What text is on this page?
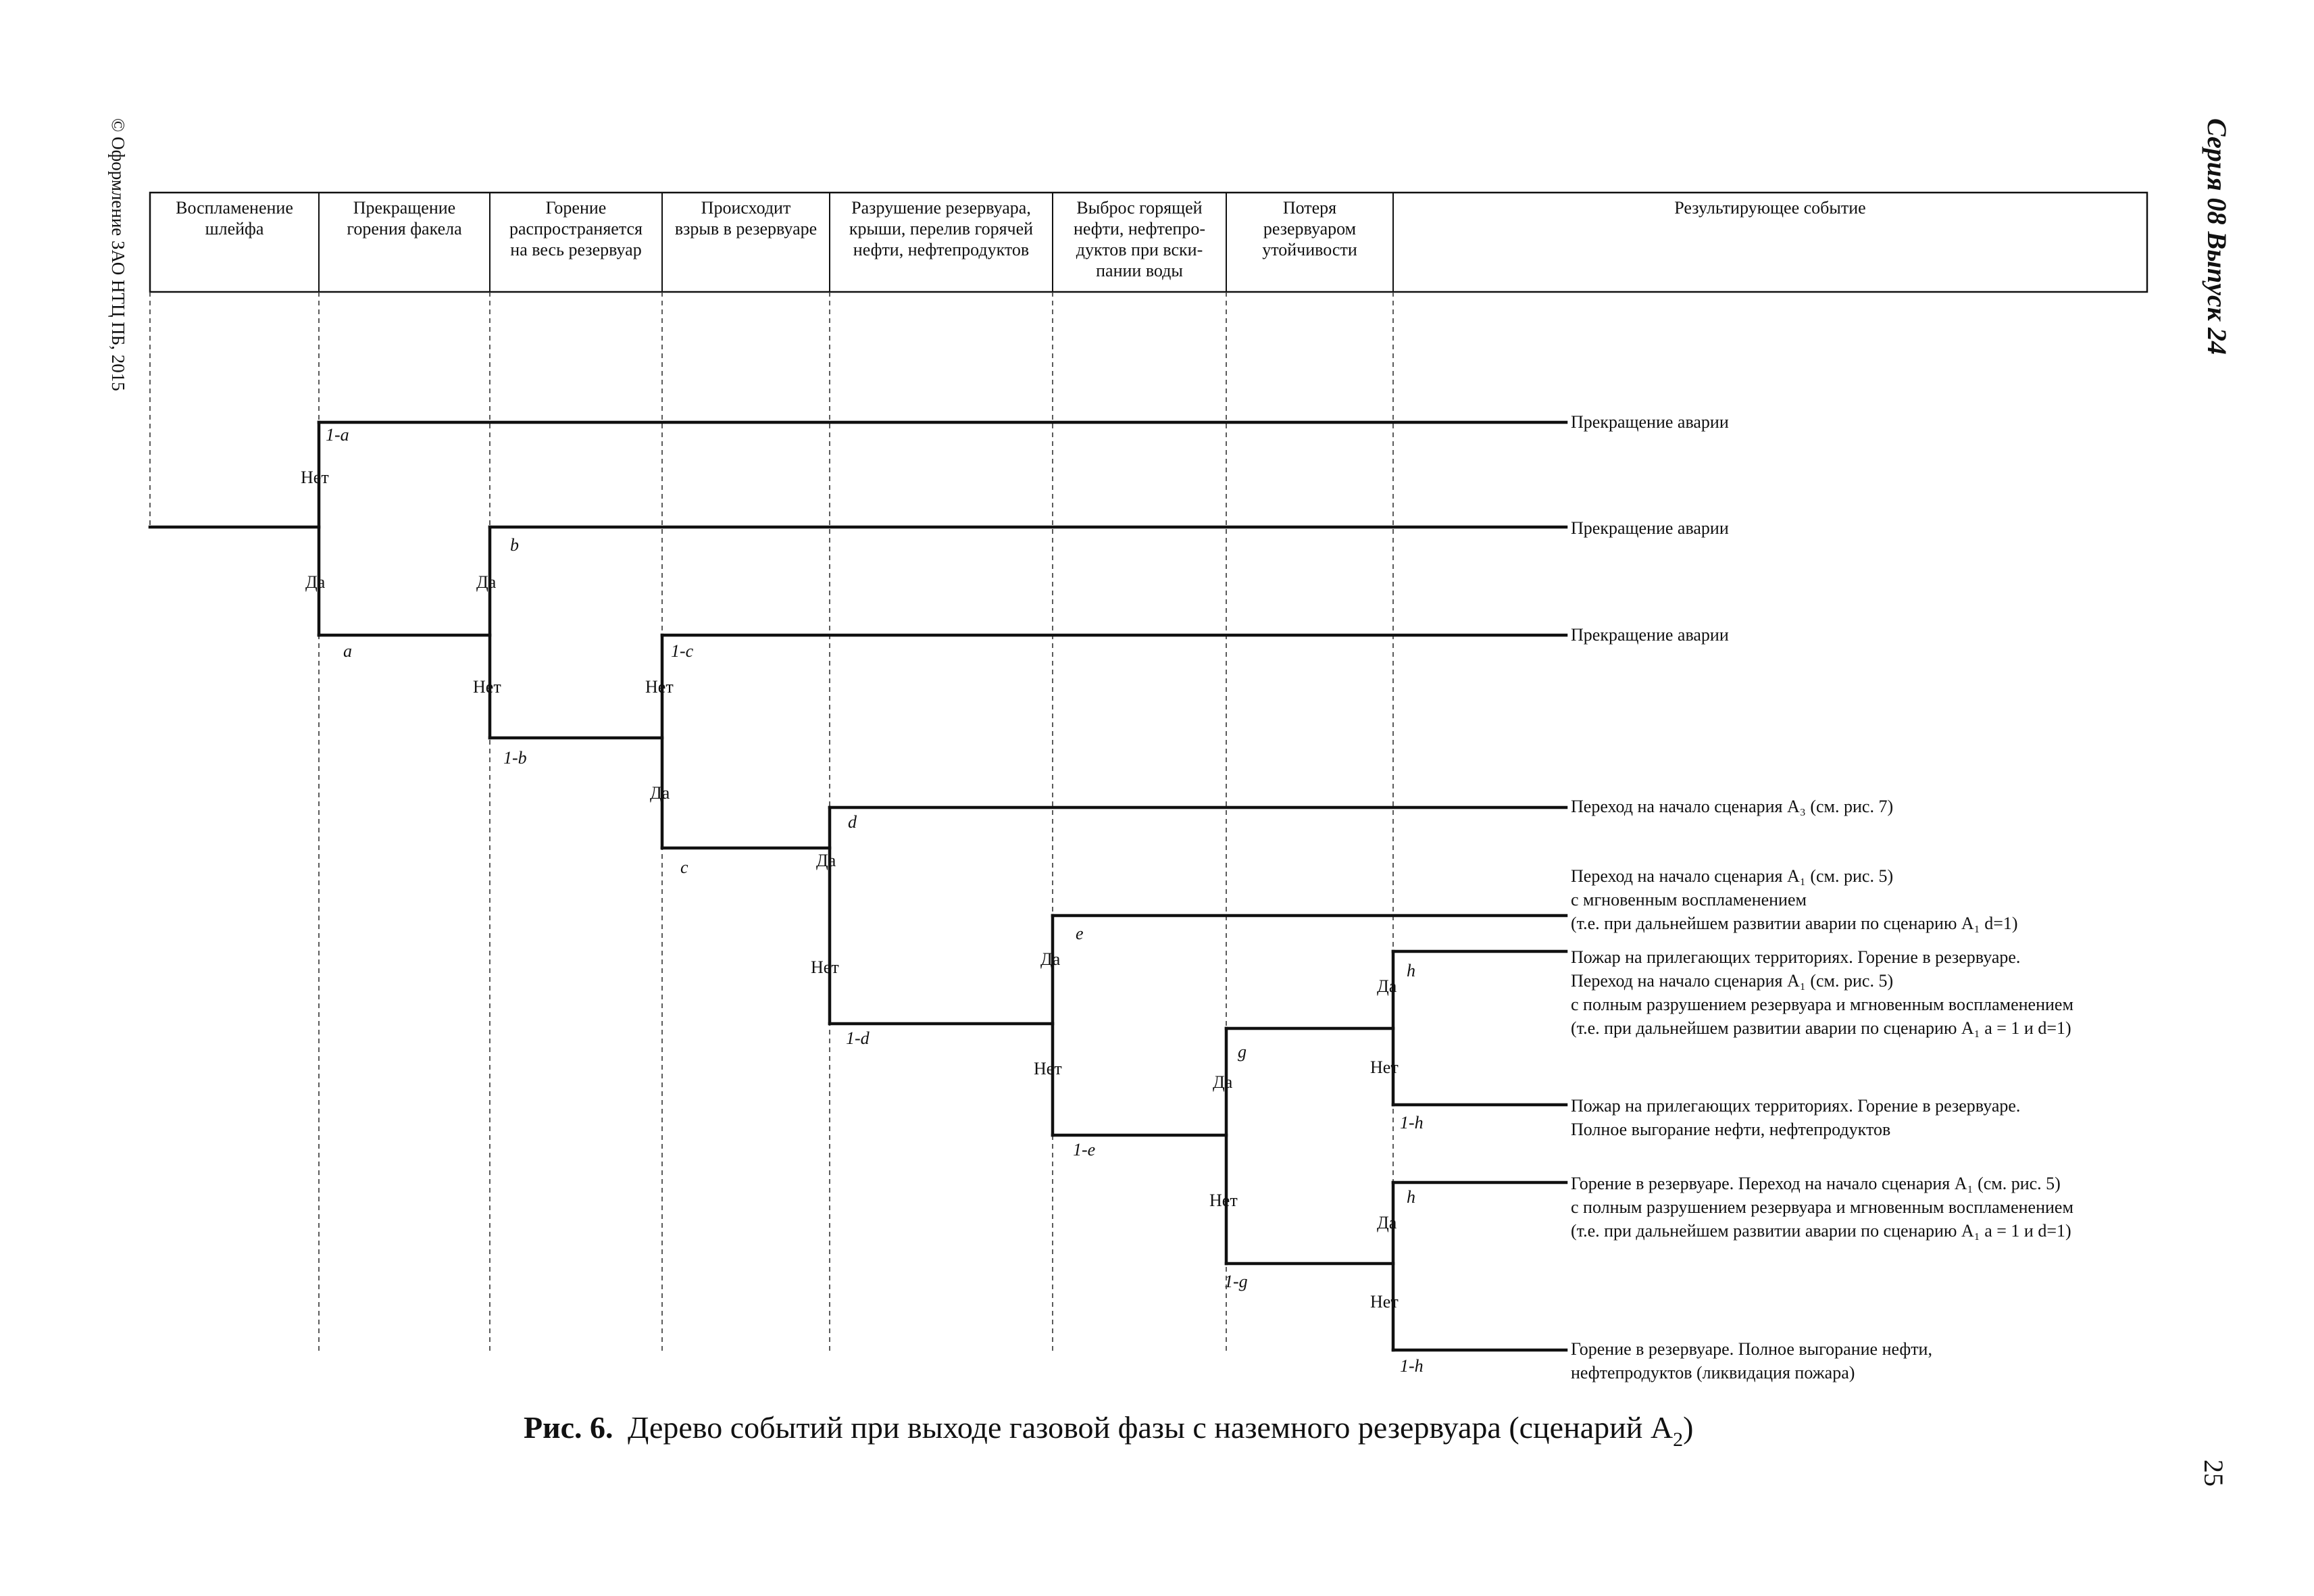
© Оформление ЗАО НТЦ ПБ, 2015	Серия 08 Выпуск 24
25
Воспламенение шлейфа
Прекращение горения факела
Горение распространяется на весь резервуар
Происходит взрыв в резервуаре
Разрушение резервуара, крыши, перелив горячей нефти, нефтепродуктов
Выброс горящей нефти, нефтепро-дуктов при вски-пании воды
Потеря резервуаром утойчивости
Результирующее событие
1-a
Нет
Да
a
b
Да
Нет
1-b
1-c
Нет
Да
c
d
Да
Нет
1-d
e
Да
Нет
1-e
g
Да
Нет
1-g
h
Да
Нет
1-h
h
Да
Нет
1-h
Прекращение аварии
Прекращение аварии
Прекращение аварии
Переход на начало сценария A₃ (см. рис. 7)
Переход на начало сценария A₁ (см. рис. 5)
с мгновенным воспламенением
(т.е. при дальнейшем развитии аварии по сценарию A₁ d=1)
Пожар на прилегающих территориях. Горение в резервуаре.
Переход на начало сценария A₁ (см. рис. 5)
с полным разрушением резервуара и мгновенным воспламенением
(т.е. при дальнейшем развитии аварии по сценарию A₁ a = 1 и d=1)
Пожар на прилегающих территориях. Горение в резервуаре.
Полное выгорание нефти, нефтепродуктов
Горение в резервуаре. Переход на начало сценария A₁ (см. рис. 5)
с полным разрушением резервуара и мгновенным воспламенением
(т.е. при дальнейшем развитии аварии по сценарию A₁ a = 1 и d=1)
Горение в резервуаре. Полное выгорание нефти,
нефтепродуктов (ликвидация пожара)
Рис. 6. Дерево событий при выходе газовой фазы с наземного резервуара (сценарий $A_2$)
